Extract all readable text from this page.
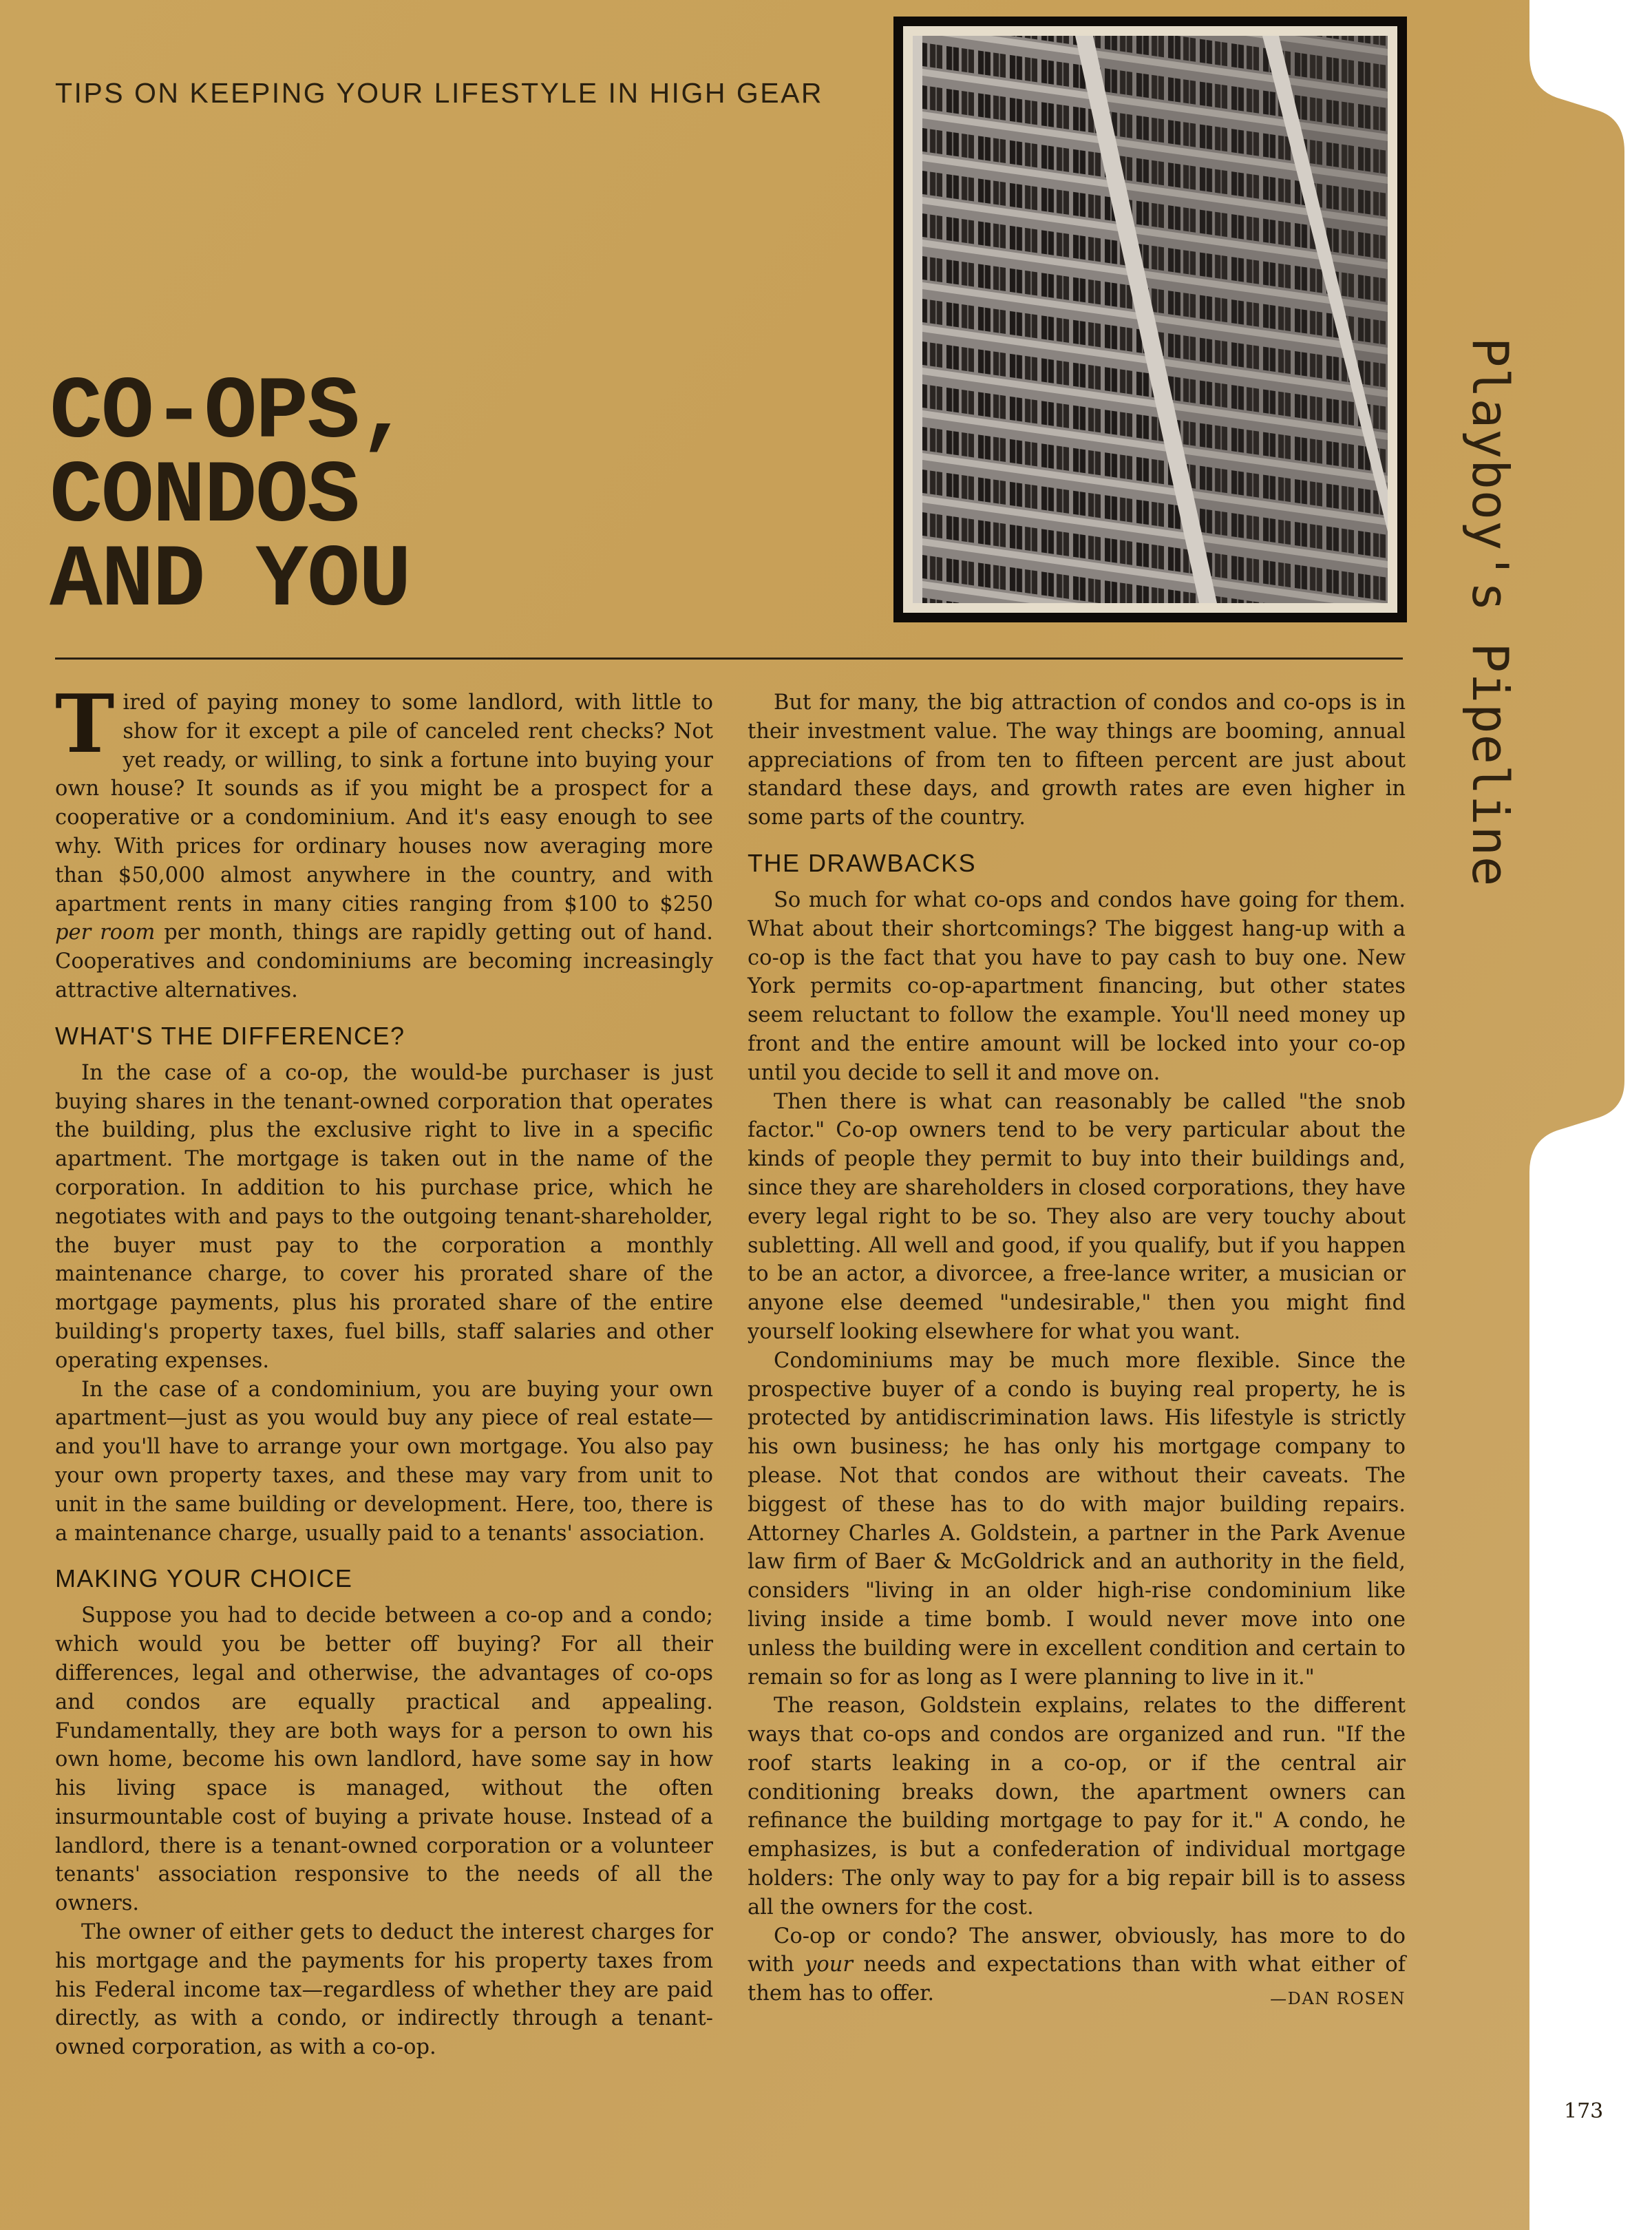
TIPS ON KEEPING YOUR LIFESTYLE IN HIGH GEAR
CO-OPS,
CONDOS
AND YOU	Playboy's Pipeline

Tired of paying money to some landlord, with little to show for it except a pile of canceled rent checks? Not yet ready, or willing, to sink a fortune into buying your own house? It sounds as if you might be a prospect for a cooperative or a condominium. And it's easy enough to see why. With prices for ordinary houses now averaging more than $50,000 almost anywhere in the country, and with apartment rents in many cities ranging from $100 to $250 per room per month, things are rapidly getting out of hand. Cooperatives and condominiums are becoming increasingly attractive alternatives.

WHAT'S THE DIFFERENCE?

In the case of a co-op, the would-be purchaser is just buying shares in the tenant-owned corporation that operates the building, plus the exclusive right to live in a specific apartment. The mortgage is taken out in the name of the corporation. In addition to his purchase price, which he negotiates with and pays to the outgoing tenant-shareholder, the buyer must pay to the corporation a monthly maintenance charge, to cover his prorated share of the mortgage payments, plus his prorated share of the entire building's property taxes, fuel bills, staff salaries and other operating expenses.

In the case of a condominium, you are buying your own apartment—just as you would buy any piece of real estate—and you'll have to arrange your own mortgage. You also pay your own property taxes, and these may vary from unit to unit in the same building or development. Here, too, there is a maintenance charge, usually paid to a tenants' association.

MAKING YOUR CHOICE

Suppose you had to decide between a co-op and a condo; which would you be better off buying? For all their differences, legal and otherwise, the advantages of co-ops and condos are equally practical and appealing. Fundamentally, they are both ways for a person to own his own home, become his own landlord, have some say in how his living space is managed, without the often insurmountable cost of buying a private house. Instead of a landlord, there is a tenant-owned corporation or a volunteer tenants' association responsive to the needs of all the owners.

The owner of either gets to deduct the interest charges for his mortgage and the payments for his property taxes from his Federal income tax—regardless of whether they are paid directly, as with a condo, or indirectly through a tenant-owned corporation, as with a co-op.

But for many, the big attraction of condos and co-ops is in their investment value. The way things are booming, annual appreciations of from ten to fifteen percent are just about standard these days, and growth rates are even higher in some parts of the country.

THE DRAWBACKS

So much for what co-ops and condos have going for them. What about their shortcomings? The biggest hang-up with a co-op is the fact that you have to pay cash to buy one. New York permits co-op-apartment financing, but other states seem reluctant to follow the example. You'll need money up front and the entire amount will be locked into your co-op until you decide to sell it and move on.

Then there is what can reasonably be called "the snob factor." Co-op owners tend to be very particular about the kinds of people they permit to buy into their buildings and, since they are shareholders in closed corporations, they have every legal right to be so. They also are very touchy about subletting. All well and good, if you qualify, but if you happen to be an actor, a divorcee, a free-lance writer, a musician or anyone else deemed "undesirable," then you might find yourself looking elsewhere for what you want.

Condominiums may be much more flexible. Since the prospective buyer of a condo is buying real property, he is protected by antidiscrimination laws. His lifestyle is strictly his own business; he has only his mortgage company to please. Not that condos are without their caveats. The biggest of these has to do with major building repairs. Attorney Charles A. Goldstein, a partner in the Park Avenue law firm of Baer & McGoldrick and an authority in the field, considers "living in an older high-rise condominium like living inside a time bomb. I would never move into one unless the building were in excellent condition and certain to remain so for as long as I were planning to live in it."

The reason, Goldstein explains, relates to the different ways that co-ops and condos are organized and run. "If the roof starts leaking in a co-op, or if the central air conditioning breaks down, the apartment owners can refinance the building mortgage to pay for it." A condo, he emphasizes, is but a confederation of individual mortgage holders: The only way to pay for a big repair bill is to assess all the owners for the cost.

Co-op or condo? The answer, obviously, has more to do with your needs and expectations than with what either of them has to offer.	—DAN ROSEN

173
